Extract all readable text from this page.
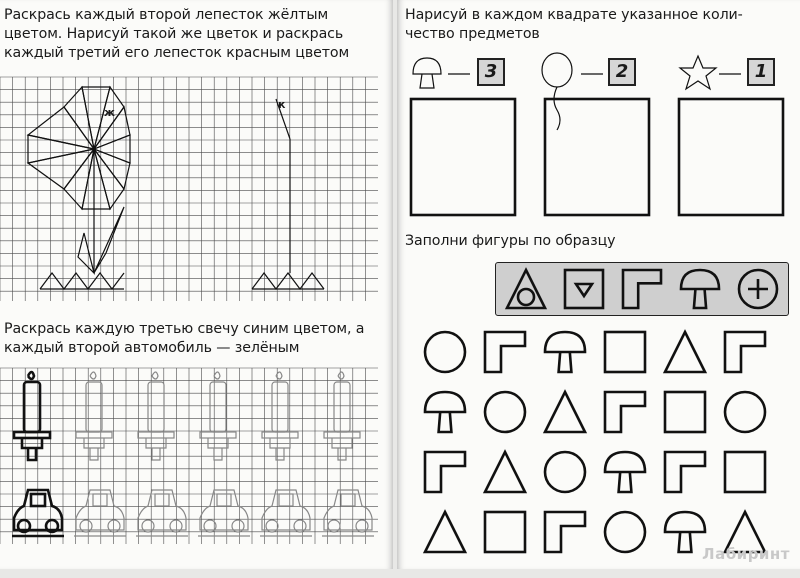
Раскрась каждый второй лепесток жёлтым
цветом. Нарисуй такой же цветок и раскрась
каждый третий его лепесток красным цветом

ж
к

Раскрась каждую третью свечу синим цветом, а
каждый второй автомобиль — зелёным

Нарисуй в каждом квадрате указанное коли-
чество предметов

3	2	1

Заполни фигуры по образцу

Лабиринт
